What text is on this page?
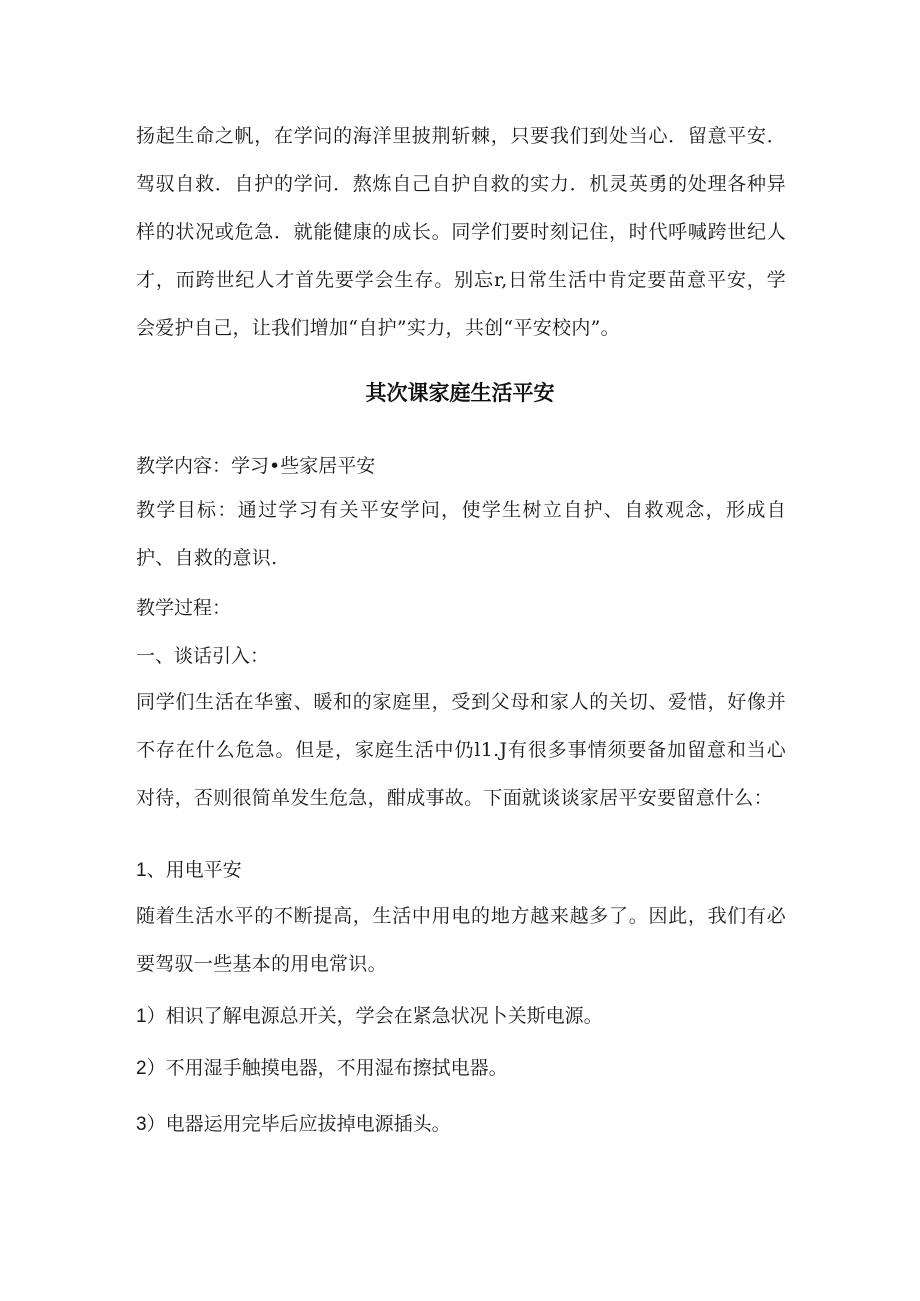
扬起生命之帆，在学问的海洋里披荆斩棘，只要我们到处当心．留意平安．驾驭自救．自护的学问．熬炼自己自护自救的实力．机灵英勇的处理各种异样的状况或危急．就能健康的成长。同学们要时刻记住，时代呼喊跨世纪人才，而跨世纪人才首先要学会生存。别忘r,日常生活中肯定要苗意平安，学会爱护自己，让我们增加“自护”实力，共创“平安校内”。

其次课家庭生活平安

教学内容：学习•些家居平安

教学目标：通过学习有关平安学问，使学生树立自护、自救观念，形成自护、自救的意识.

教学过程：

一、谈话引入：

同学们生活在华蜜、暖和的家庭里，受到父母和家人的关切、爱惜，好像并不存在什么危急。但是，家庭生活中仍l1.J有很多事情须要备加留意和当心对待，否则很简单发生危急，酣成事故。下面就谈谈家居平安要留意什么：

1、用电平安

随着生活水平的不断提高，生活中用电的地方越来越多了。因此，我们有必要驾驭一些基本的用电常识。

1）相识了解电源总开关，学会在紧急状况卜关斯电源。

2）不用湿手触摸电器，不用湿布擦拭电器。

3）电器运用完毕后应拔掉电源插头。
